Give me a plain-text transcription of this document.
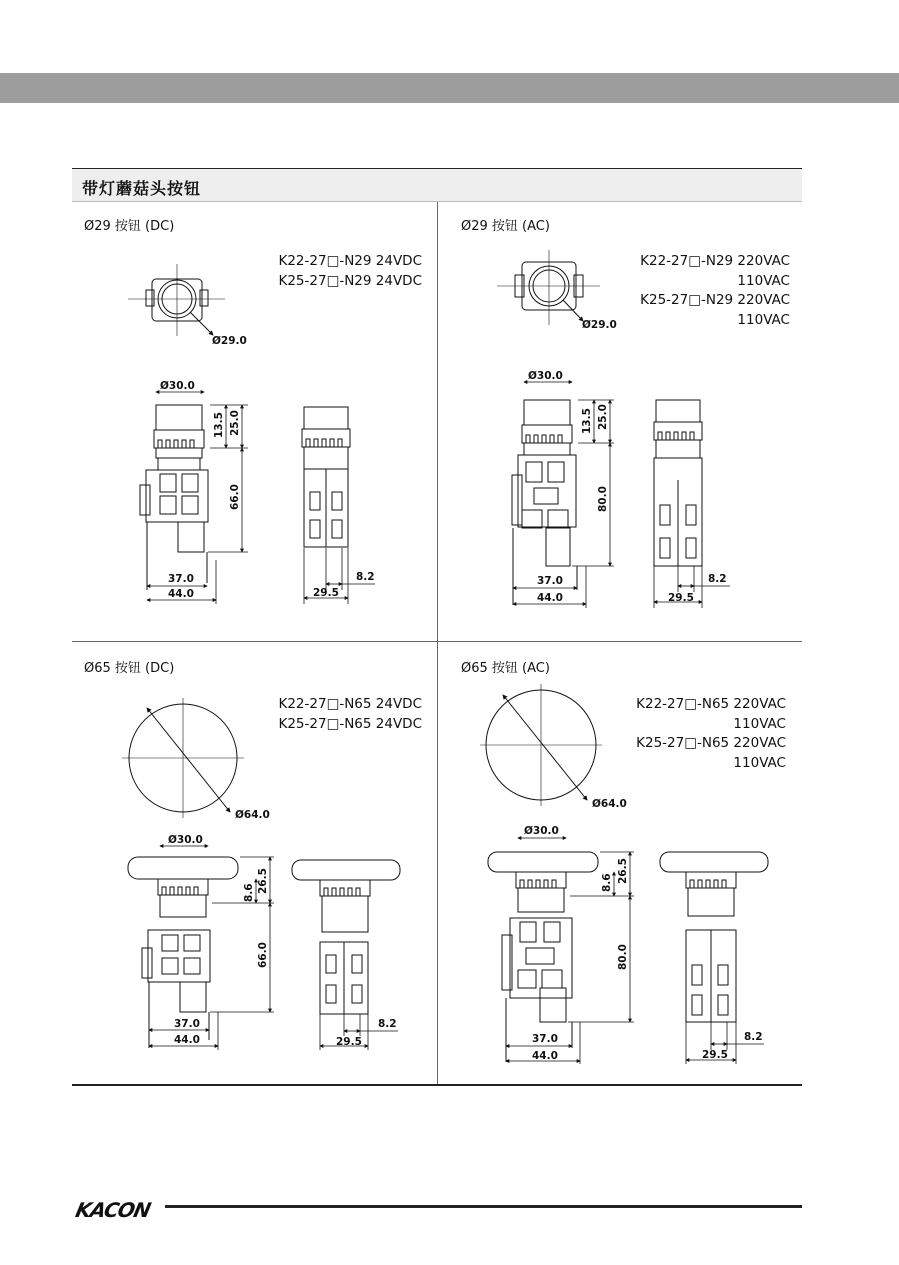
带灯蘑菇头按钮
Ø29 按钮 (DC)	Ø29 按钮 (AC)
Ø65 按钮 (DC)	Ø65 按钮 (AC)
K22-27□-N29 24VDC
K25-27□-N29 24VDC
K22-27□-N29 220VAC
110VAC
K25-27□-N29 220VAC
110VAC
K22-27□-N65 24VDC
K25-27□-N65 24VDC
K22-27□-N65 220VAC
110VAC
K25-27□-N65 220VAC
110VAC
Ø29.0
Ø30.0
13.5 25.0
66.0
37.0
44.0	29.5
8.2
Ø29.0
Ø30.0
13.5 25.0
80.0
37.0
44.0	29.5
8.2
Ø64.0
Ø30.0
8.6 26.5
66.0
37.0
44.0	29.5
8.2
Ø64.0
Ø30.0
8.6 26.5
80.0
37.0
44.0	29.5
8.2
KACON
